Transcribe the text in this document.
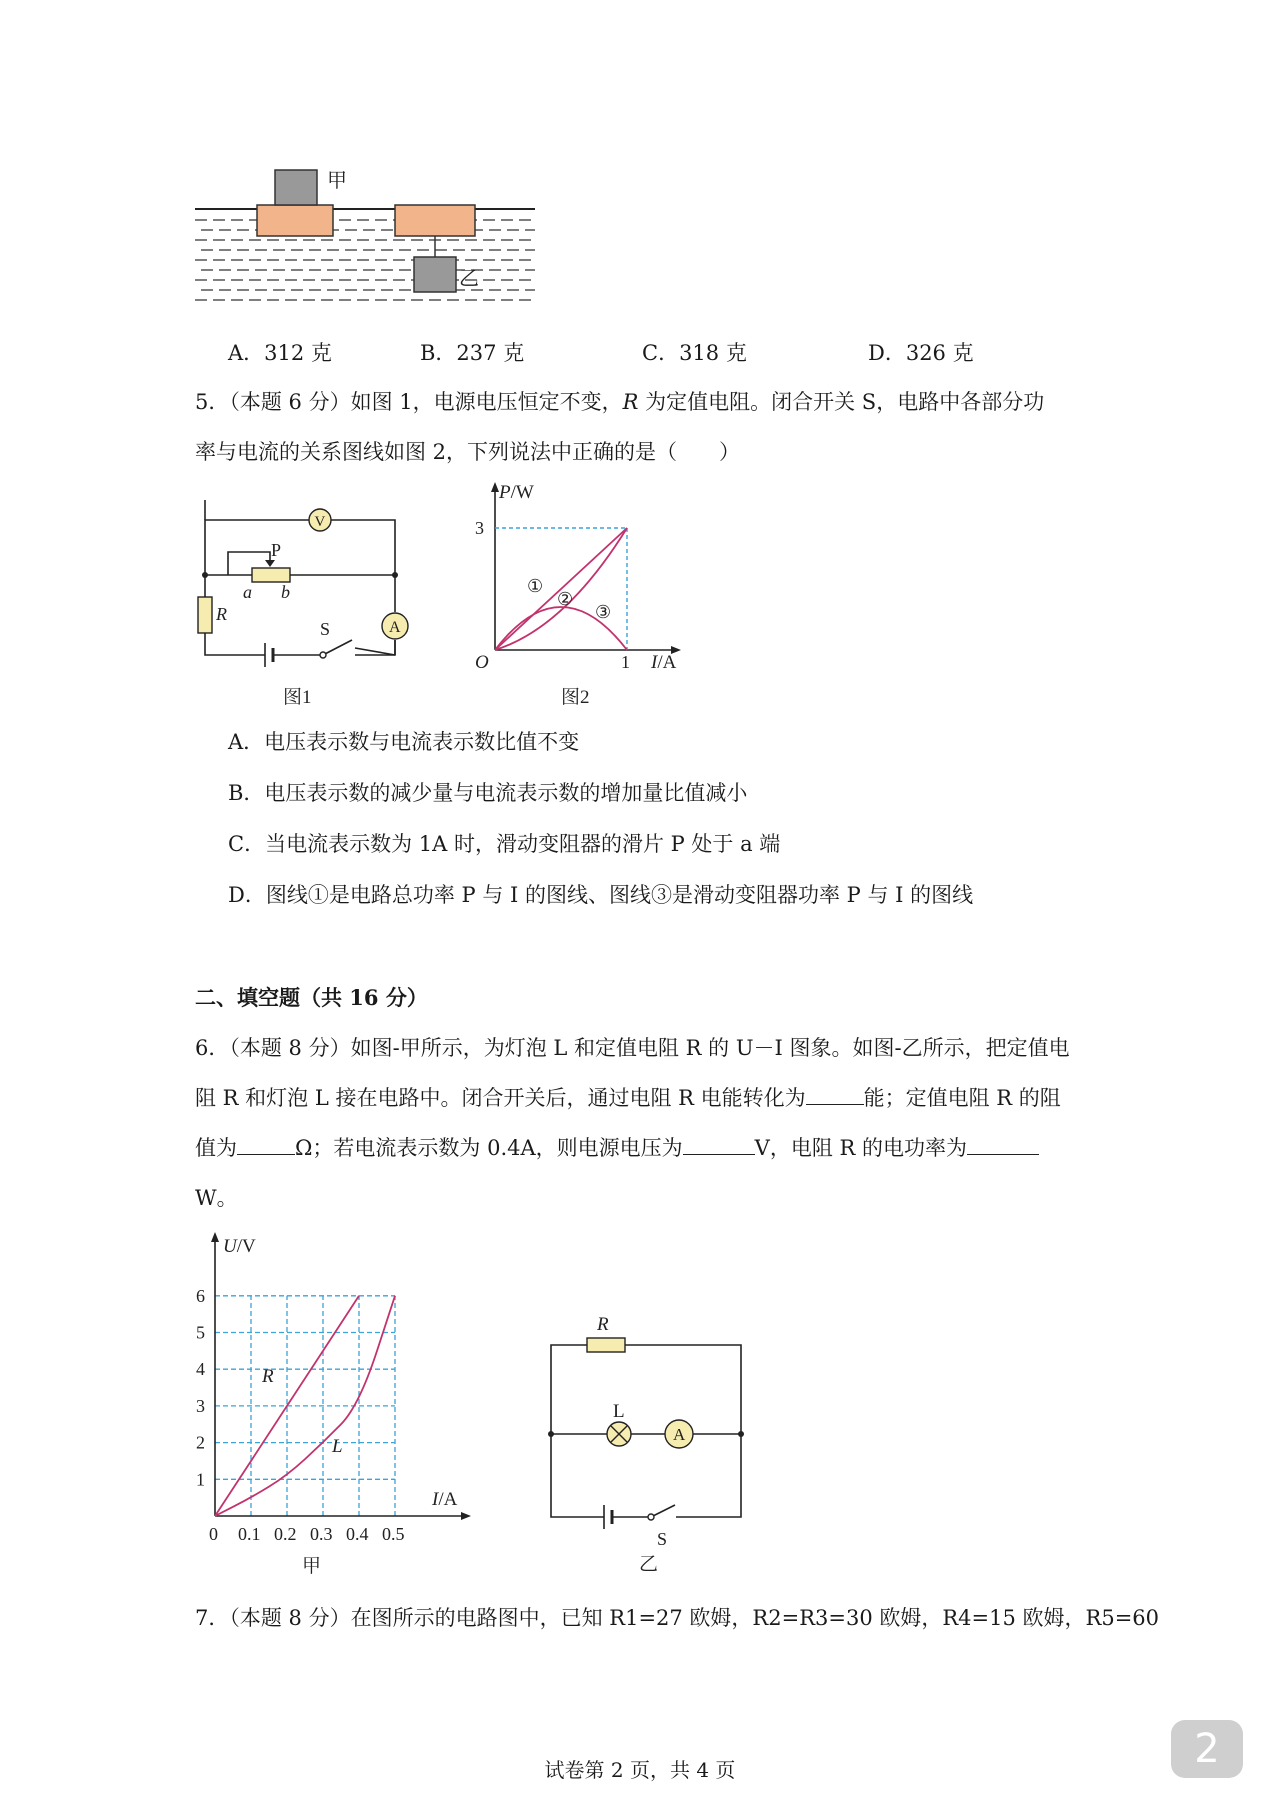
甲
乙
A．312 克	B．237 克	C．318 克	D．326 克
5．（本题 6 分）如图 1，电源电压恒定不变，R 为定值电阻。闭合开关 S，电路中各部分功
率与电流的关系图线如图 2，下列说法中正确的是（　　）
V
A
P
a b
R
S
图1
P/W
3
O	1 I/A
①
②
③
图2
A．电压表示数与电流表示数比值不变
B．电压表示数的减少量与电流表示数的增加量比值减小
C．当电流表示数为 1A 时，滑动变阻器的滑片 P 处于 a 端
D．图线①是电路总功率 P 与 I 的图线、图线③是滑动变阻器功率 P 与 I 的图线
二、填空题（共 16 分）
6．（本题 8 分）如图-甲所示，为灯泡 L 和定值电阻 R 的 U－I 图象。如图-乙所示，把定值电
阻 R 和灯泡 L 接在电路中。闭合开关后，通过电阻 R 电能转化为	能；定值电阻 R 的阻
值为	Ω；若电流表示数为 0.4A，则电源电压为	V，电阻 R 的电功率为
W。
1
2
3
4
5
6
0 0.1 0.2 0.3 0.4 0.5
U/V
I/A
R
L
甲
A
R
L
S
乙
7．（本题 8 分）在图所示的电路图中，已知 R1=27 欧姆，R2=R3=30 欧姆，R4=15 欧姆，R5=60
试卷第 2 页，共 4 页	2
